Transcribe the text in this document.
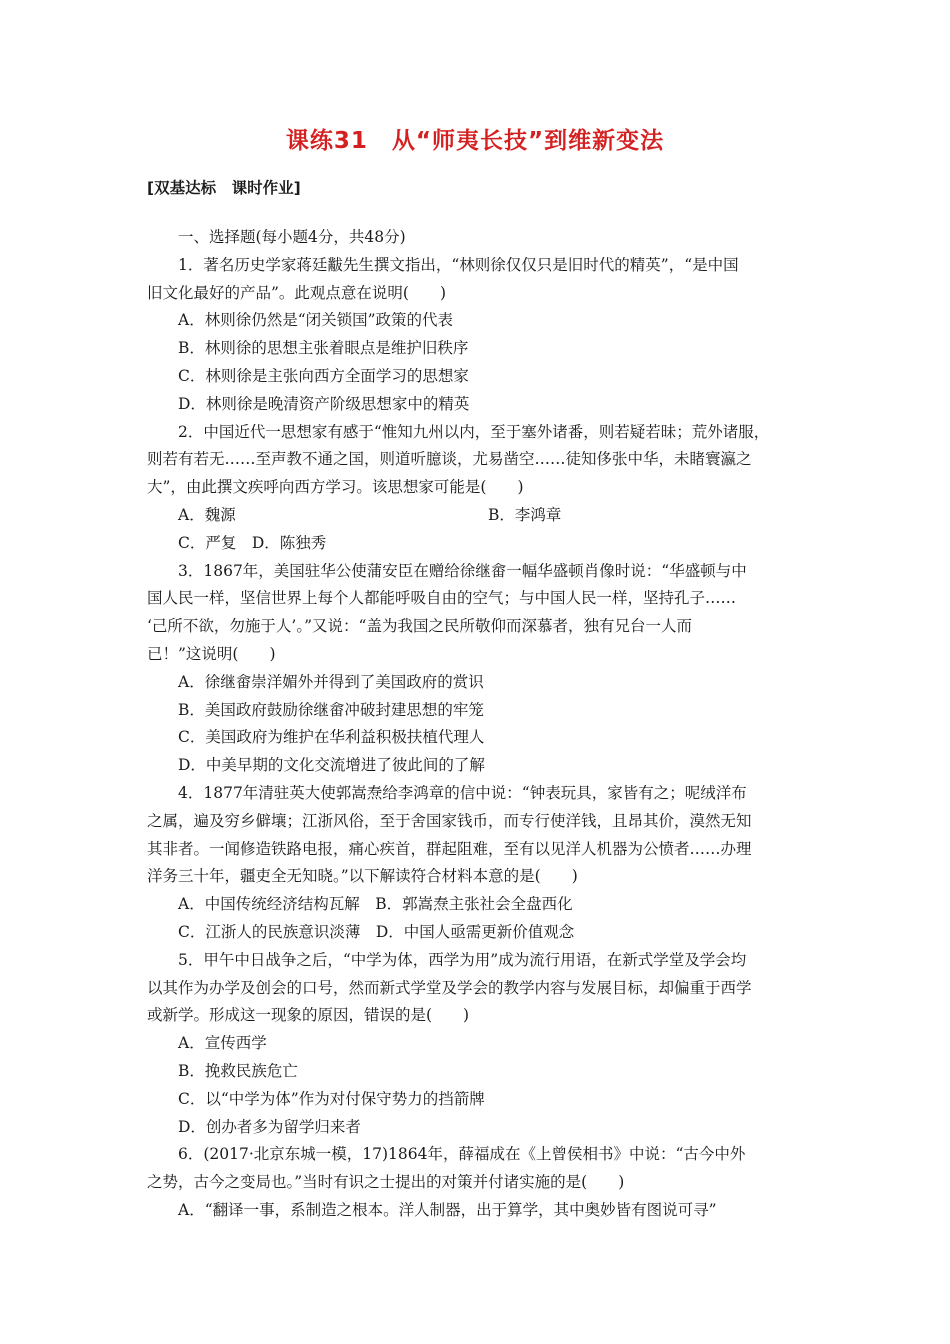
课练31　从“师夷长技”到维新变法
[双基达标　课时作业]
一、选择题(每小题4分，共48分)
1．著名历史学家蒋廷黻先生撰文指出，“林则徐仅仅只是旧时代的精英”，“是中国
旧文化最好的产品”。此观点意在说明(　　)
A．林则徐仍然是“闭关锁国”政策的代表
B．林则徐的思想主张着眼点是维护旧秩序
C．林则徐是主张向西方全面学习的思想家
D．林则徐是晚清资产阶级思想家中的精英
2．中国近代一思想家有感于“惟知九州以内，至于塞外诸番，则若疑若昧；荒外诸服，
则若有若无……至声教不通之国，则道听臆谈，尤易凿空……徒知侈张中华，未睹寰瀛之
大”，由此撰文疾呼向西方学习。该思想家可能是(　　)
A．魏源	B．李鸿章
C．严复　D．陈独秀
3．1867年，美国驻华公使蒲安臣在赠给徐继畲一幅华盛顿肖像时说：“华盛顿与中
国人民一样，坚信世界上每个人都能呼吸自由的空气；与中国人民一样，坚持孔子……
‘己所不欲，勿施于人’。”又说：“盖为我国之民所敬仰而深慕者，独有兄台一人而
已！”这说明(　　)
A．徐继畲崇洋媚外并得到了美国政府的赏识
B．美国政府鼓励徐继畲冲破封建思想的牢笼
C．美国政府为维护在华利益积极扶植代理人
D．中美早期的文化交流增进了彼此间的了解
4．1877年清驻英大使郭嵩焘给李鸿章的信中说：“钟表玩具，家皆有之；呢绒洋布
之属，遍及穷乡僻壤；江浙风俗，至于舍国家钱币，而专行使洋钱，且昂其价，漠然无知
其非者。一闻修造铁路电报，痛心疾首，群起阻难，至有以见洋人机器为公愤者……办理
洋务三十年，疆吏全无知晓。”以下解读符合材料本意的是(　　)
A．中国传统经济结构瓦解　B．郭嵩焘主张社会全盘西化
C．江浙人的民族意识淡薄　D．中国人亟需更新价值观念
5．甲午中日战争之后，“中学为体，西学为用”成为流行用语，在新式学堂及学会均
以其作为办学及创会的口号，然而新式学堂及学会的教学内容与发展目标，却偏重于西学
或新学。形成这一现象的原因，错误的是(　　)
A．宣传西学
B．挽救民族危亡
C．以“中学为体”作为对付保守势力的挡箭牌
D．创办者多为留学归来者
6．(2017·北京东城一模，17)1864年，薛福成在《上曾侯相书》中说：“古今中外
之势，古今之变局也。”当时有识之士提出的对策并付诸实施的是(　　)
A．“翻译一事，系制造之根本。洋人制器，出于算学，其中奥妙皆有图说可寻”
